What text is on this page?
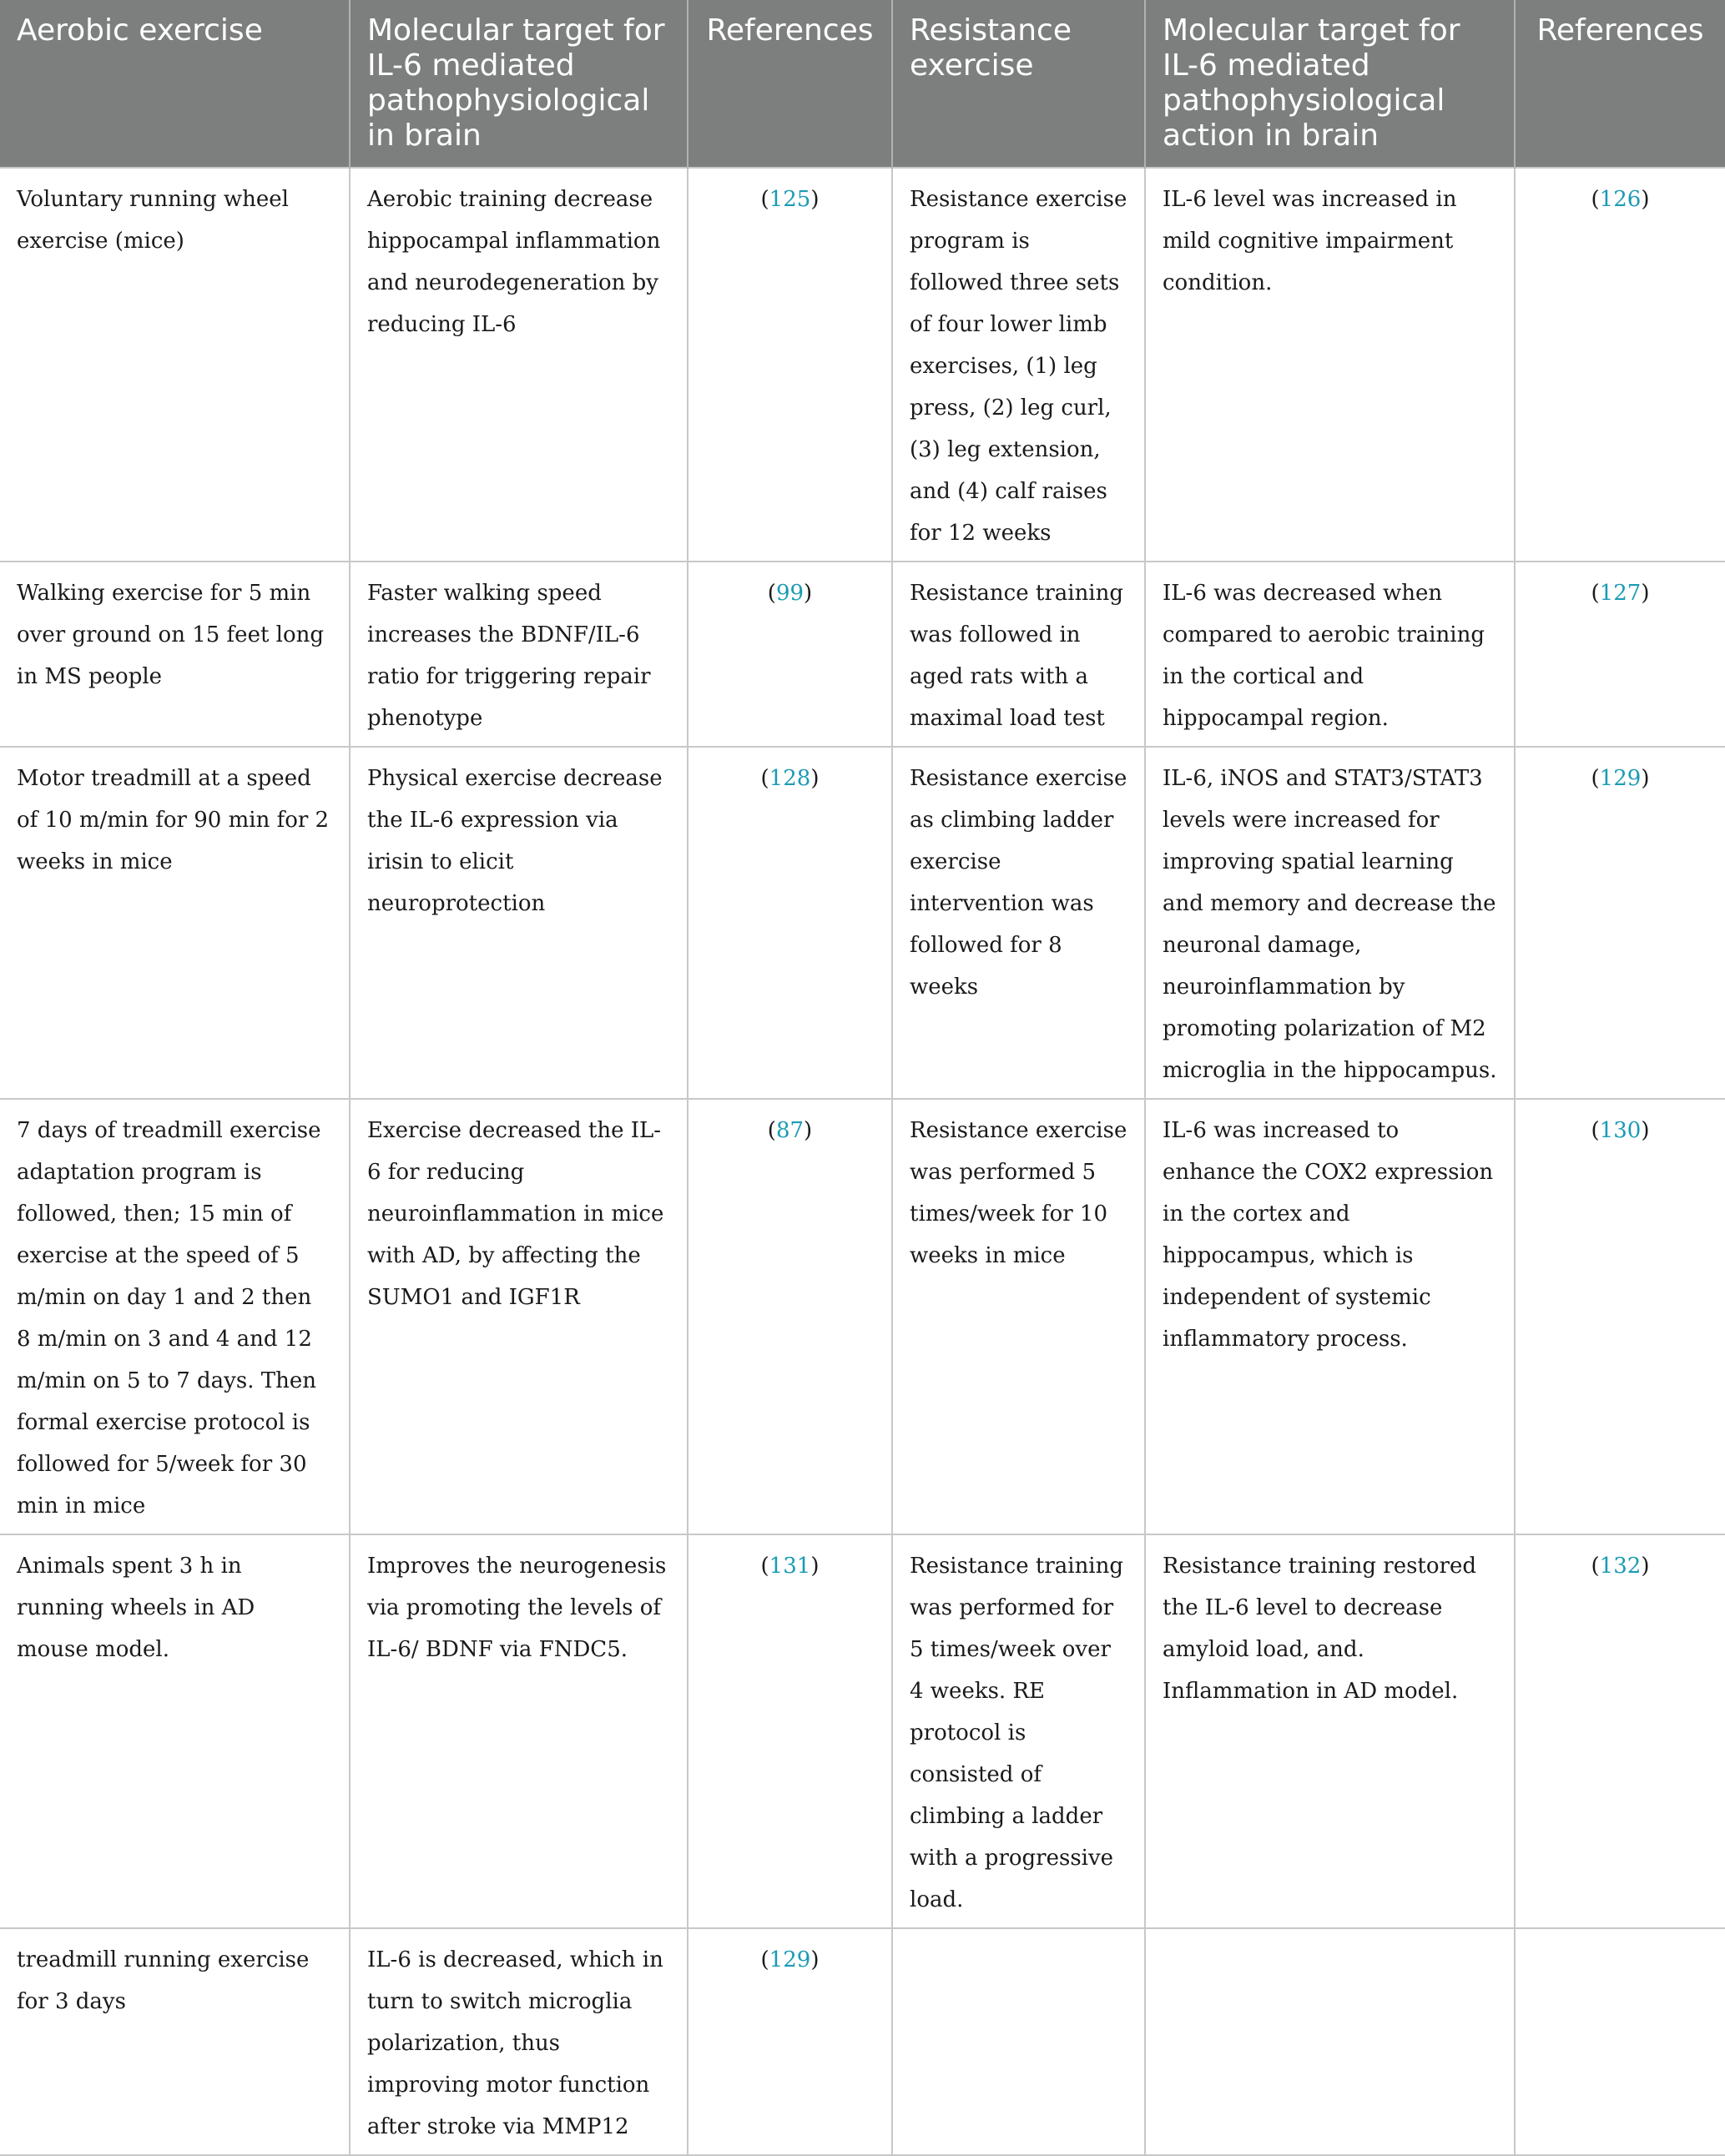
Aerobic exercise	Molecular target for IL-6 mediated pathophysiological in brain	References	Resistance exercise	Molecular target for IL-6 mediated pathophysiological action in brain	References
Voluntary running wheel exercise (mice)	Aerobic training decrease hippocampal inflammation and neurodegeneration by reducing IL-6	(125)	Resistance exercise program is followed three sets of four lower limb exercises, (1) leg press, (2) leg curl, (3) leg extension, and (4) calf raises for 12 weeks	IL-6 level was increased in mild cognitive impairment condition.	(126)
Walking exercise for 5 min over ground on 15 feet long in MS people	Faster walking speed increases the BDNF/IL-6 ratio for triggering repair phenotype	(99)	Resistance training was followed in aged rats with a maximal load test	IL-6 was decreased when compared to aerobic training in the cortical and hippocampal region.	(127)
Motor treadmill at a speed of 10 m/min for 90 min for 2 weeks in mice	Physical exercise decrease the IL-6 expression via irisin to elicit neuroprotection	(128)	Resistance exercise as climbing ladder exercise intervention was followed for 8 weeks	IL-6, iNOS and STAT3/STAT3 levels were increased for improving spatial learning and memory and decrease the neuronal damage, neuroinflammation by promoting polarization of M2 microglia in the hippocampus.	(129)
7 days of treadmill exercise adaptation program is followed, then; 15 min of exercise at the speed of 5 m/min on day 1 and 2 then 8 m/min on 3 and 4 and 12 m/min on 5 to 7 days. Then formal exercise protocol is followed for 5/week for 30 min in mice	Exercise decreased the IL-6 for reducing neuroinflammation in mice with AD, by affecting the SUMO1 and IGF1R	(87)	Resistance exercise was performed 5 times/week for 10 weeks in mice	IL-6 was increased to enhance the COX2 expression in the cortex and hippocampus, which is independent of systemic inflammatory process.	(130)
Animals spent 3 h in running wheels in AD mouse model.	Improves the neurogenesis via promoting the levels of IL-6/ BDNF via FNDC5.	(131)	Resistance training was performed for 5 times/week over 4 weeks. RE protocol is consisted of climbing a ladder with a progressive load.	Resistance training restored the IL-6 level to decrease amyloid load, and. Inflammation in AD model.	(132)
treadmill running exercise for 3 days	IL-6 is decreased, which in turn to switch microglia polarization, thus improving motor function after stroke via MMP12	(129)			
